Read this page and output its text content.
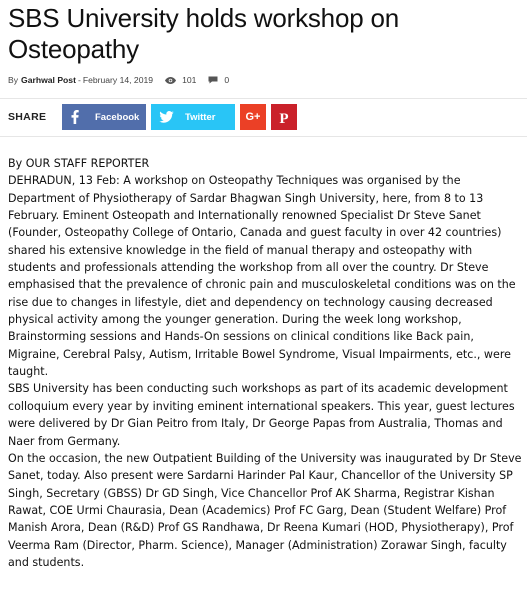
SBS University holds workshop on Osteopathy
By Garhwal Post - February 14, 2019	101	0
SHARE	Facebook	Twitter	G+ P

By OUR STAFF REPORTER

DEHRADUN, 13 Feb: A workshop on Osteopathy Techniques was organised by the Department of Physiotherapy of Sardar Bhagwan Singh University, here, from 8 to 13 February. Eminent Osteopath and Internationally renowned Specialist Dr Steve Sanet (Founder, Osteopathy College of Ontario, Canada and guest faculty in over 42 countries) shared his extensive knowledge in the field of manual therapy and osteopathy with students and professionals attending the workshop from all over the country. Dr Steve emphasised that the prevalence of chronic pain and musculoskeletal conditions was on the rise due to changes in lifestyle, diet and dependency on technology causing decreased physical activity among the younger generation. During the week long workshop, Brainstorming sessions and Hands-On sessions on clinical conditions like Back pain, Migraine, Cerebral Palsy, Autism, Irritable Bowel Syndrome, Visual Impairments, etc., were taught.

SBS University has been conducting such workshops as part of its academic development colloquium every year by inviting eminent international speakers. This year, guest lectures were delivered by Dr Gian Peitro from Italy, Dr George Papas from Australia, Thomas and Naer from Germany.

On the occasion, the new Outpatient Building of the University was inaugurated by Dr Steve Sanet, today. Also present were Sardarni Harinder Pal Kaur, Chancellor of the University SP Singh, Secretary (GBSS) Dr GD Singh, Vice Chancellor Prof AK Sharma, Registrar Kishan Rawat, COE Urmi Chaurasia, Dean (Academics) Prof FC Garg, Dean (Student Welfare) Prof Manish Arora, Dean (R&D) Prof GS Randhawa, Dr Reena Kumari (HOD, Physiotherapy), Prof Veerma Ram (Director, Pharm. Science), Manager (Administration) Zorawar Singh, faculty and students.
